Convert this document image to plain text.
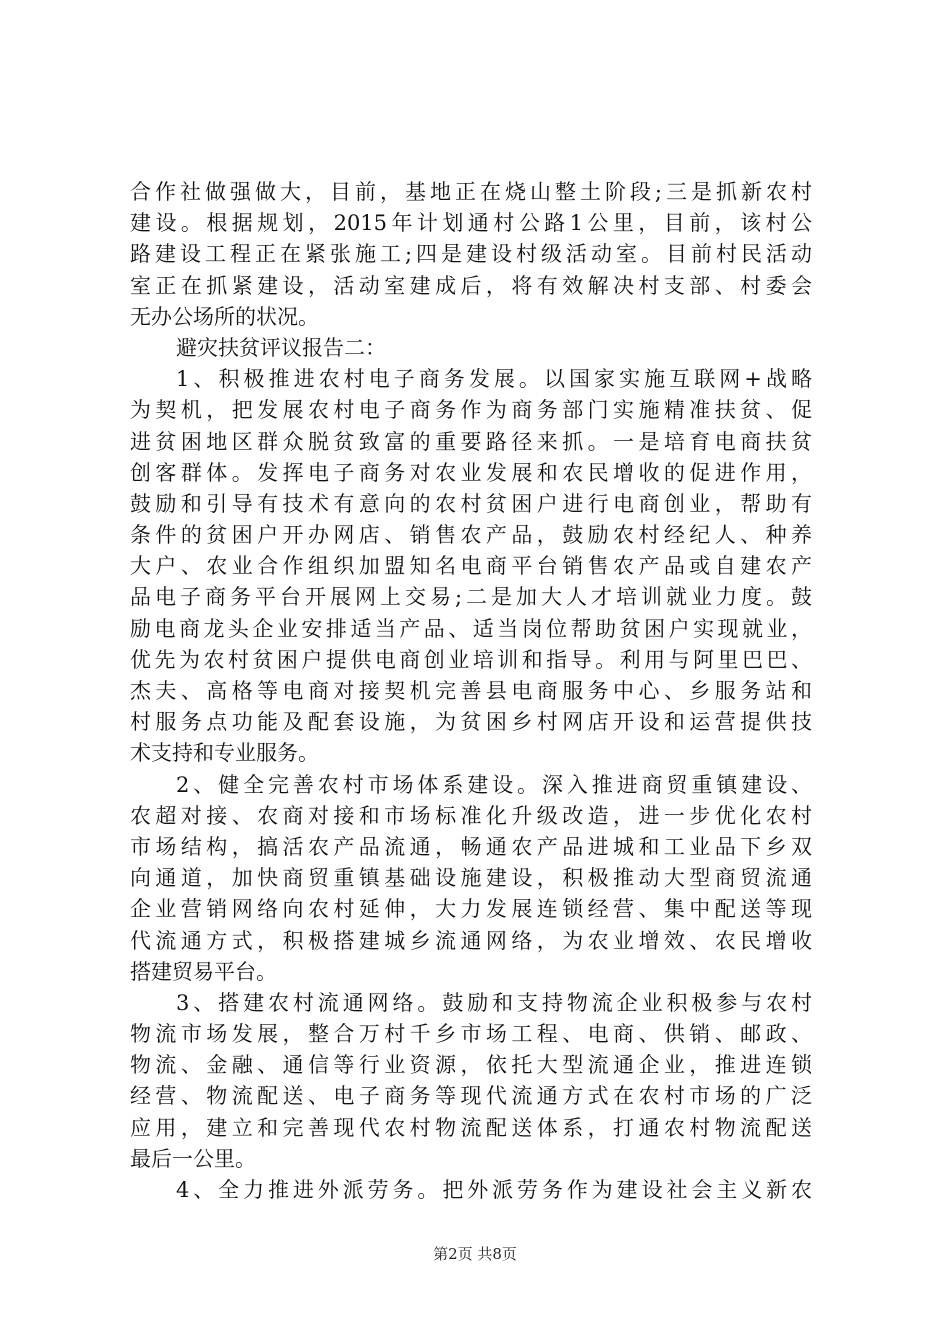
合作社做强做大，目前，基地正在烧山整土阶段;三是抓新农村
建设。根据规划，2015年计划通村公路1公里，目前，该村公
路建设工程正在紧张施工;四是建设村级活动室。目前村民活动
室正在抓紧建设，活动室建成后，将有效解决村支部、村委会
无办公场所的状况。
避灾扶贫评议报告二：
1、积极推进农村电子商务发展。以国家实施互联网+战略
为契机，把发展农村电子商务作为商务部门实施精准扶贫、促
进贫困地区群众脱贫致富的重要路径来抓。一是培育电商扶贫
创客群体。发挥电子商务对农业发展和农民增收的促进作用，
鼓励和引导有技术有意向的农村贫困户进行电商创业，帮助有
条件的贫困户开办网店、销售农产品，鼓励农村经纪人、种养
大户、农业合作组织加盟知名电商平台销售农产品或自建农产
品电子商务平台开展网上交易;二是加大人才培训就业力度。鼓
励电商龙头企业安排适当产品、适当岗位帮助贫困户实现就业，
优先为农村贫困户提供电商创业培训和指导。利用与阿里巴巴、
杰夫、高格等电商对接契机完善县电商服务中心、乡服务站和
村服务点功能及配套设施，为贫困乡村网店开设和运营提供技
术支持和专业服务。
2、健全完善农村市场体系建设。深入推进商贸重镇建设、
农超对接、农商对接和市场标准化升级改造，进一步优化农村
市场结构，搞活农产品流通，畅通农产品进城和工业品下乡双
向通道，加快商贸重镇基础设施建设，积极推动大型商贸流通
企业营销网络向农村延伸，大力发展连锁经营、集中配送等现
代流通方式，积极搭建城乡流通网络，为农业增效、农民增收
搭建贸易平台。
3、搭建农村流通网络。鼓励和支持物流企业积极参与农村
物流市场发展，整合万村千乡市场工程、电商、供销、邮政、
物流、金融、通信等行业资源，依托大型流通企业，推进连锁
经营、物流配送、电子商务等现代流通方式在农村市场的广泛
应用，建立和完善现代农村物流配送体系，打通农村物流配送
最后一公里。
4、全力推进外派劳务。把外派劳务作为建设社会主义新农
第2页 共8页
